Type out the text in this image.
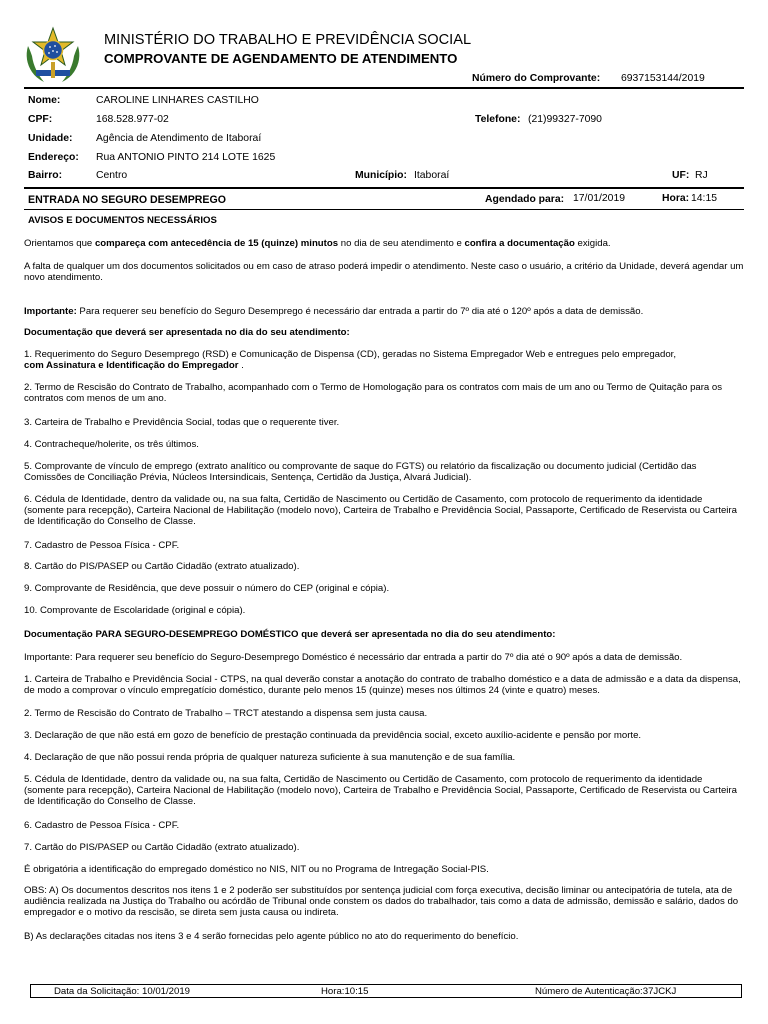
MINISTÉRIO DO TRABALHO E PREVIDÊNCIA SOCIAL
COMPROVANTE DE AGENDAMENTO DE ATENDIMENTO
Número do Comprovante: 6937153144/2019
Nome:	CAROLINE LINHARES CASTILHO
CPF:	168.528.977-02	Telefone: (21)99327-7090
Unidade: Agência de Atendimento de Itaboraí
Endereço: Rua ANTONIO PINTO 214 LOTE 1625
Bairro:	Centro	Município: Itaboraí	UF: RJ
ENTRADA NO SEGURO DESEMPREGO	Agendado para: 17/01/2019	Hora: 14:15
AVISOS E DOCUMENTOS NECESSÁRIOS

Orientamos que compareça com antecedência de 15 (quinze) minutos no dia de seu atendimento e confira a documentação exigida.

A falta de qualquer um dos documentos solicitados ou em caso de atraso poderá impedir o atendimento. Neste caso o usuário, a critério da Unidade, deverá agendar um novo atendimento.

Importante: Para requerer seu benefício do Seguro Desemprego é necessário dar entrada a partir do 7º dia até o 120º após a data de demissão.

Documentação que deverá ser apresentada no dia do seu atendimento:

1. Requerimento do Seguro Desemprego (RSD) e Comunicação de Dispensa (CD), geradas no Sistema Empregador Web e entregues pelo empregador,
com Assinatura e Identificação do Empregador .

2. Termo de Rescisão do Contrato de Trabalho, acompanhado com o Termo de Homologação para os contratos com mais de um ano ou Termo de Quitação para os contratos com menos de um ano.

3. Carteira de Trabalho e Previdência Social, todas que o requerente tiver.

4. Contracheque/holerite, os três últimos.

5. Comprovante de vínculo de emprego (extrato analítico ou comprovante de saque do FGTS) ou relatório da fiscalização ou documento judicial (Certidão das Comissões de Conciliação Prévia, Núcleos Intersindicais, Sentença, Certidão da Justiça, Alvará Judicial).

6. Cédula de Identidade, dentro da validade ou, na sua falta, Certidão de Nascimento ou Certidão de Casamento, com protocolo de requerimento da identidade (somente para recepção), Carteira Nacional de Habilitação (modelo novo), Carteira de Trabalho e Previdência Social, Passaporte, Certificado de Reservista ou Carteira de Identificação do Conselho de Classe.

7. Cadastro de Pessoa Física - CPF.

8. Cartão do PIS/PASEP ou Cartão Cidadão (extrato atualizado).

9. Comprovante de Residência, que deve possuir o número do CEP (original e cópia).

10. Comprovante de Escolaridade (original e cópia).

Documentação PARA SEGURO-DESEMPREGO DOMÉSTICO que deverá ser apresentada no dia do seu atendimento:

Importante: Para requerer seu benefício do Seguro-Desemprego Doméstico é necessário dar entrada a partir do 7º dia até o 90º após a data de demissão.

1. Carteira de Trabalho e Previdência Social - CTPS, na qual deverão constar a anotação do contrato de trabalho doméstico e a data de admissão e a data da dispensa, de modo a comprovar o vínculo empregatício doméstico, durante pelo menos 15 (quinze) meses nos últimos 24 (vinte e quatro) meses.

2. Termo de Rescisão do Contrato de Trabalho – TRCT atestando a dispensa sem justa causa.

3. Declaração de que não está em gozo de benefício de prestação continuada da previdência social, exceto auxílio-acidente e pensão por morte.

4. Declaração de que não possui renda própria de qualquer natureza suficiente à sua manutenção e de sua família.

5. Cédula de Identidade, dentro da validade ou, na sua falta, Certidão de Nascimento ou Certidão de Casamento, com protocolo de requerimento da identidade (somente para recepção), Carteira Nacional de Habilitação (modelo novo), Carteira de Trabalho e Previdência Social, Passaporte, Certificado de Reservista ou Carteira de Identificação do Conselho de Classe.

6. Cadastro de Pessoa Física - CPF.

7. Cartão do PIS/PASEP ou Cartão Cidadão (extrato atualizado).

É obrigatória a identificação do empregado doméstico no NIS, NIT ou no Programa de Intregação Social-PIS.

OBS: A) Os documentos descritos nos itens 1 e 2 poderão ser substituídos por sentença judicial com força executiva, decisão liminar ou antecipatória de tutela, ata de audiência realizada na Justiça do Trabalho ou acórdão de Tribunal onde constem os dados do trabalhador, tais como a data de admissão, demissão e salário, dados do empregador e o motivo da rescisão, se direta sem justa causa ou indireta.

B) As declarações citadas nos itens 3 e 4 serão fornecidas pelo agente público no ato do requerimento do benefício.

Data da Solicitação: 10/01/2019	Hora:10:15	Número de Autenticação:37JCKJ
